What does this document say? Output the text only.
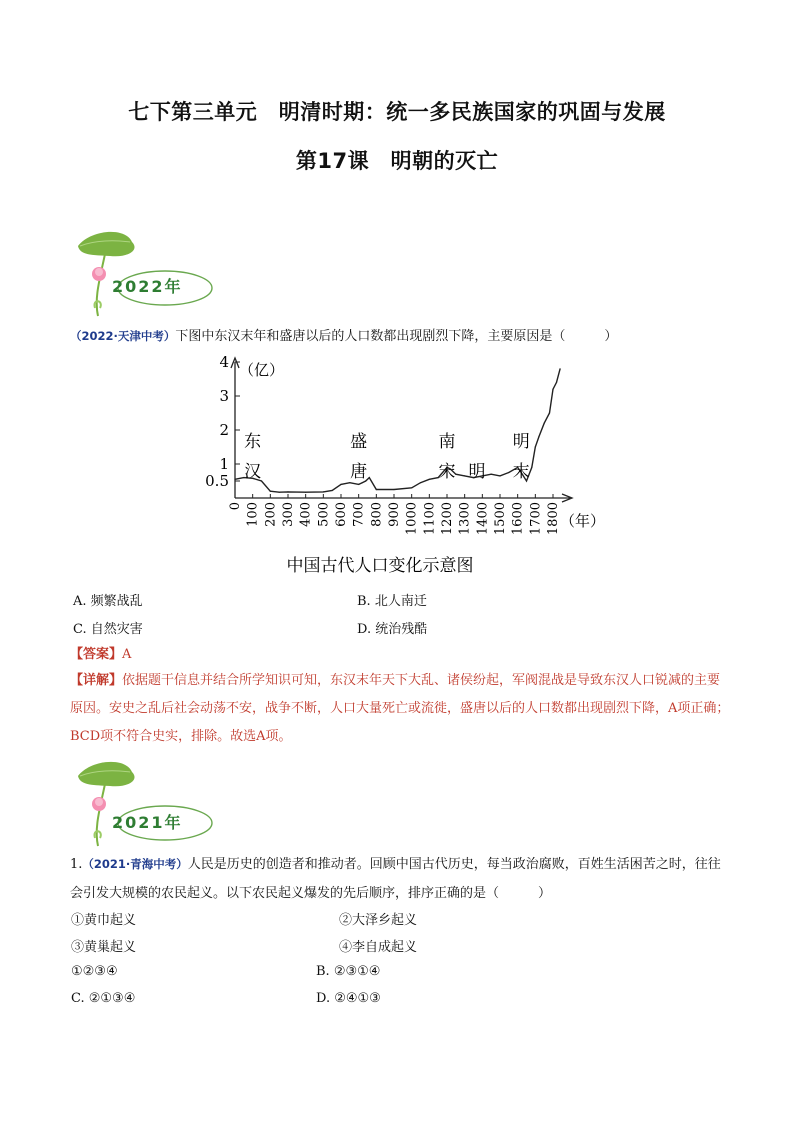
七下第三单元　明清时期：统一多民族国家的巩固与发展
第17课　明朝的灭亡
2022年
（2022·天津中考）下图中东汉末年和盛唐以后的人口数都出现剧烈下降，主要原因是（　　　）
0.5
1
2
3
4 （亿）
0 100 200 300 400 500 600 700 800 900 1000 1100 1200 1300 1400 1500 1600 1700 1800 （年）
东
汉
盛
唐
南
宋 明
明
末
中国古代人口变化示意图
A. 频繁战乱	B. 北人南迁
C. 自然灾害	D. 统治残酷
【答案】A
【详解】依据题干信息并结合所学知识可知，东汉末年天下大乱、诸侯纷起，军阀混战是导致东汉人口锐减的主要原因。安史之乱后社会动荡不安，战争不断，人口大量死亡或流徙，盛唐以后的人口数都出现剧烈下降，A项正确；BCD项不符合史实，排除。故选A项。
2021年
1.（2021·青海中考）人民是历史的创造者和推动者。回顾中国古代历史，每当政治腐败，百姓生活困苦之时，往往会引发大规模的农民起义。以下农民起义爆发的先后顺序，排序正确的是（　　　）
①黄巾起义	②大泽乡起义
③黄巢起义	④李自成起义
①②③④	B. ②③①④
C. ②①③④	D. ②④①③
